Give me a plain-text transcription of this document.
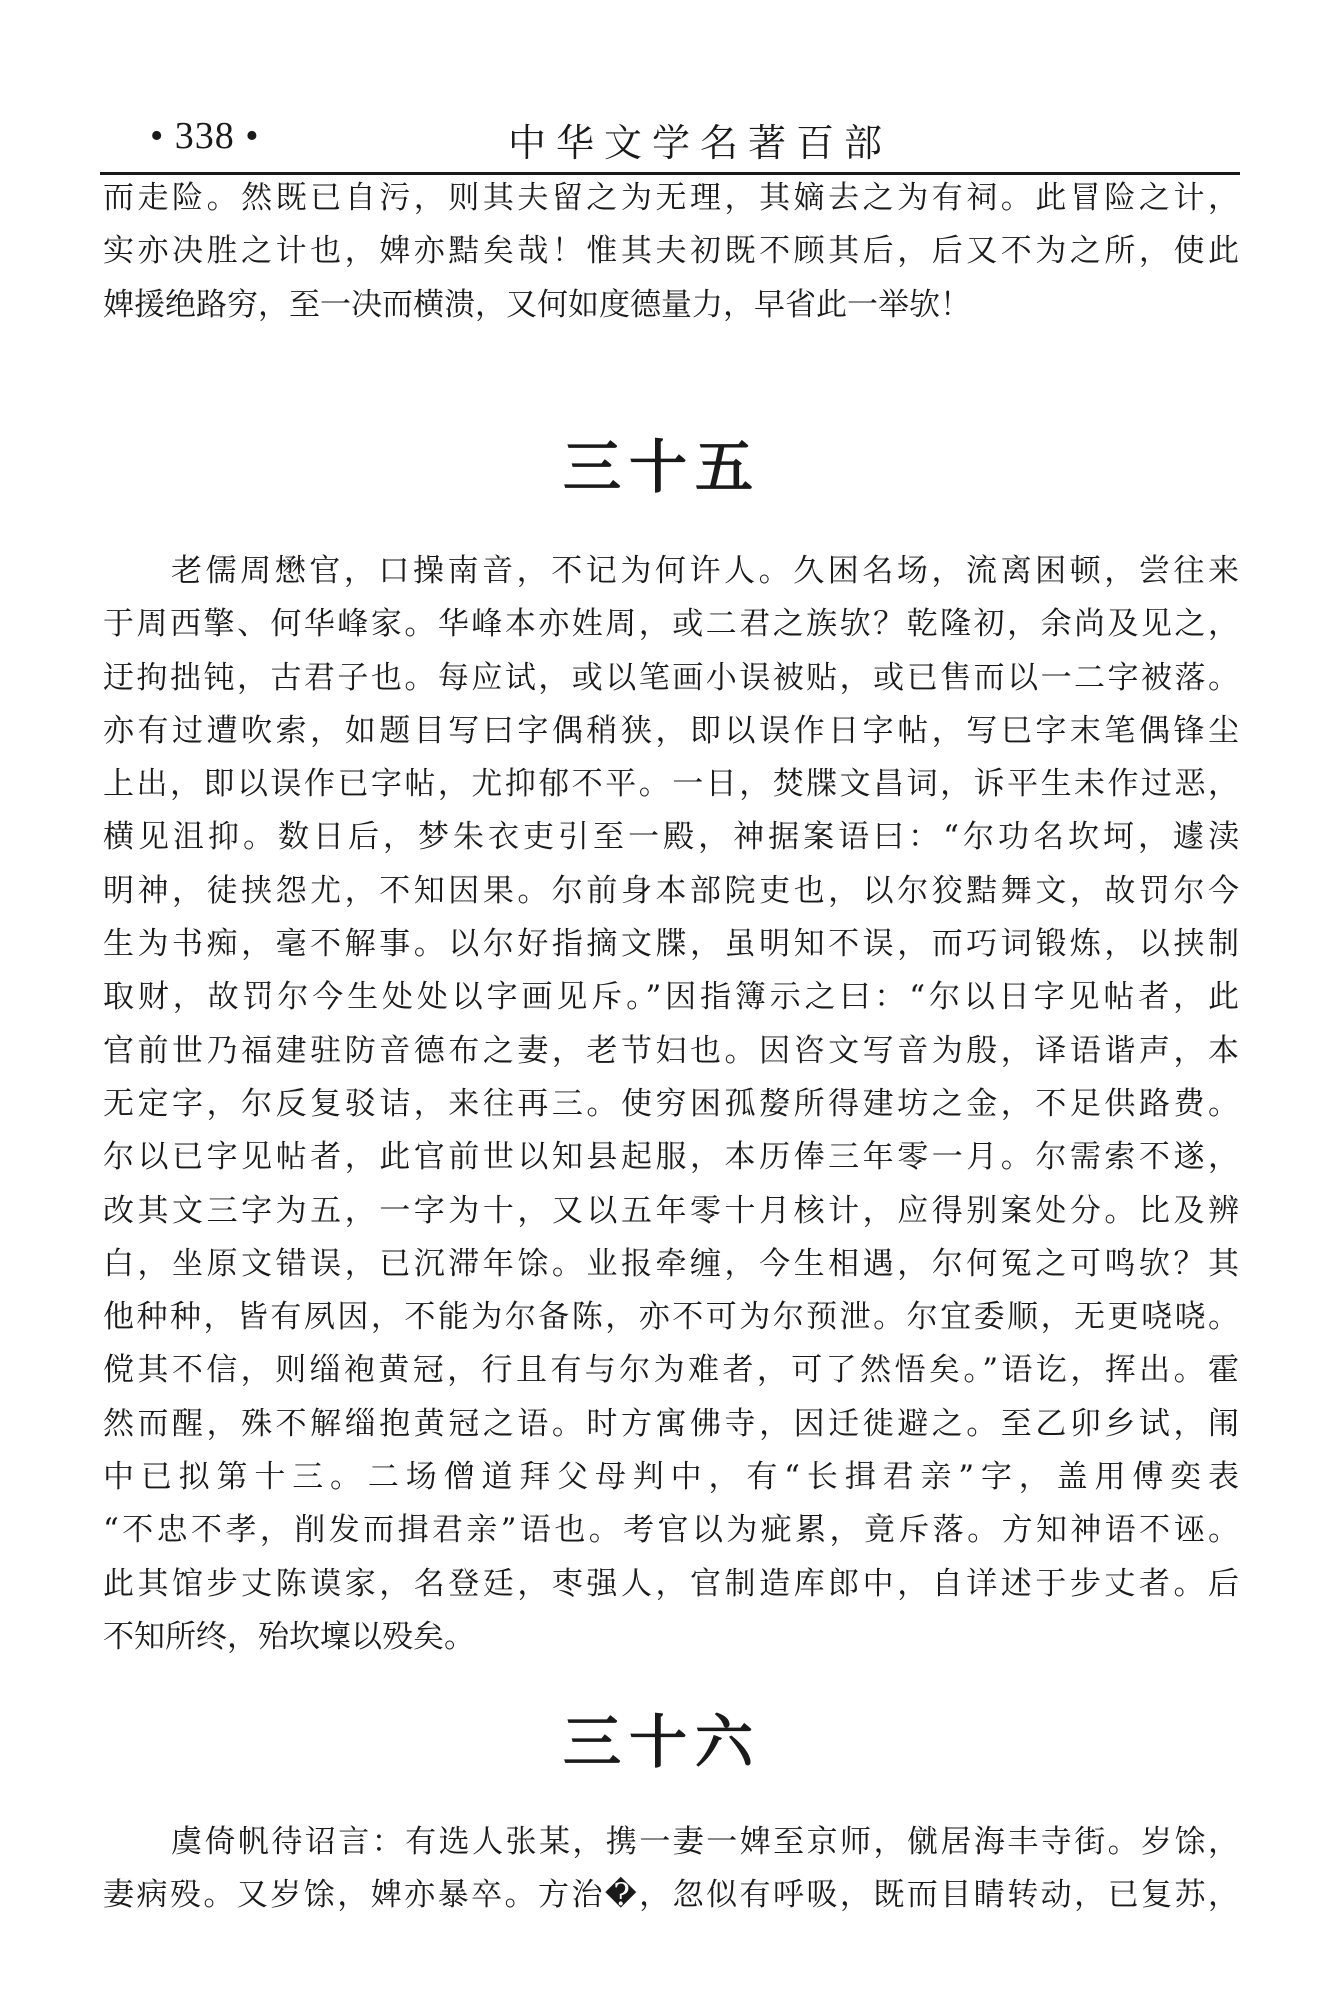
• 338 •	中华文学名著百部
而走险。然既已自污，则其夫留之为无理，其嫡去之为有祠。此冒险之计，
实亦决胜之计也，婢亦黠矣哉！惟其夫初既不顾其后，后又不为之所，使此
婢援绝路穷，至一决而横溃，又何如度德量力，早省此一举欤！
三十五
老儒周懋官，口操南音，不记为何许人。久困名场，流离困顿，尝往来
于周西擎、何华峰家。华峰本亦姓周，或二君之族欤？乾隆初，余尚及见之，
迂拘拙钝，古君子也。每应试，或以笔画小误被贴，或已售而以一二字被落。
亦有过遭吹索，如题目写曰字偶稍狭，即以误作日字帖，写巳字末笔偶锋尘
上出，即以误作已字帖，尤抑郁不平。一日，焚牒文昌词，诉平生未作过恶，
横见沮抑。数日后，梦朱衣吏引至一殿，神据案语曰：“尔功名坎坷，遽渎
明神，徒挟怨尤，不知因果。尔前身本部院吏也，以尔狡黠舞文，故罚尔今
生为书痴，毫不解事。以尔好指摘文牒，虽明知不误，而巧词锻炼，以挟制
取财，故罚尔今生处处以字画见斥。”因指簿示之曰：“尔以日字见帖者，此
官前世乃福建驻防音德布之妻，老节妇也。因咨文写音为殷，译语谐声，本
无定字，尔反复驳诘，来往再三。使穷困孤嫠所得建坊之金，不足供路费。
尔以已字见帖者，此官前世以知县起服，本历俸三年零一月。尔需索不遂，
改其文三字为五，一字为十，又以五年零十月核计，应得别案处分。比及辨
白，坐原文错误，已沉滞年馀。业报牵缠，今生相遇，尔何冤之可鸣欤？其
他种种，皆有夙因，不能为尔备陈，亦不可为尔预泄。尔宜委顺，无更哓哓。
傥其不信，则缁袍黄冠，行且有与尔为难者，可了然悟矣。”语讫，挥出。霍
然而醒，殊不解缁抱黄冠之语。时方寓佛寺，因迁徙避之。至乙卯乡试，闱
中已拟第十三。二场僧道拜父母判中，有“长揖君亲”字，盖用傅奕表
“不忠不孝，削发而揖君亲”语也。考官以为疵累，竟斥落。方知神语不诬。
此其馆步丈陈谟家，名登廷，枣强人，官制造库郎中，自详述于步丈者。后
不知所终，殆坎壈以殁矣。
三十六
虞倚帆待诏言：有选人张某，携一妻一婢至京师，僦居海丰寺街。岁馀，
妻病殁。又岁馀，婢亦暴卒。方治�，忽似有呼吸，既而目睛转动，已复苏，
